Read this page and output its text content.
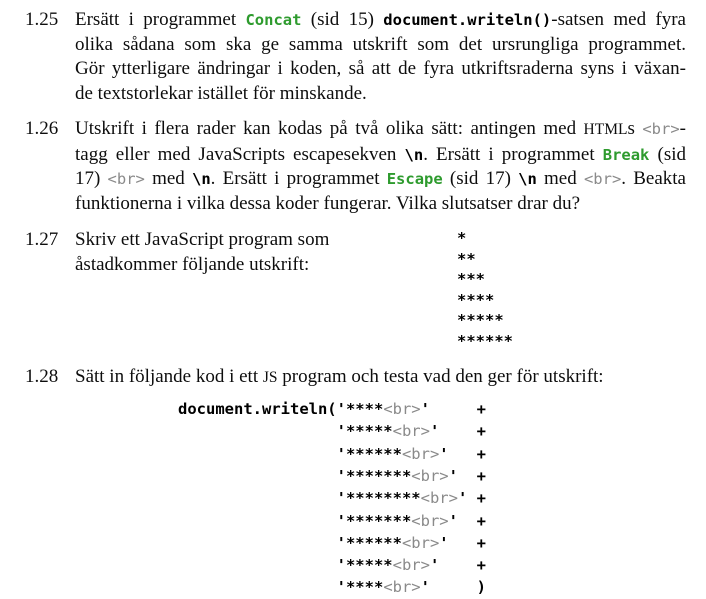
1.25 Ersätt i programmet Concat (sid 15) document.writeln()-satsen med fyra
olika sådana som ska ge samma utskrift som det ursrungliga programmet.
Gör ytterligare ändringar i koden, så att de fyra utkriftsraderna syns i växan-
de textstorlekar istället för minskande.
1.26 Utskrift i flera rader kan kodas på två olika sätt: antingen med HTMLs <br>-
tagg eller med JavaScripts escapesekven \n. Ersätt i programmet Break (sid
17) <br> med \n. Ersätt i programmet Escape (sid 17) \n med <br>. Beakta
funktionerna i vilka dessa koder fungerar. Vilka slutsatser drar du?
1.27 Skriv ett JavaScript program som
åstadkommer följande utskrift:
*
**
***
****
*****
******
1.28 Sätt in följande kod i ett JS program och testa vad den ger för utskrift:
document.writeln('****<br>'     +
'*****<br>'    +
'******<br>'   +
'*******<br>'  +
'********<br>' +
'*******<br>'  +
'******<br>'   +
'*****<br>'    +
'****<br>'     )
